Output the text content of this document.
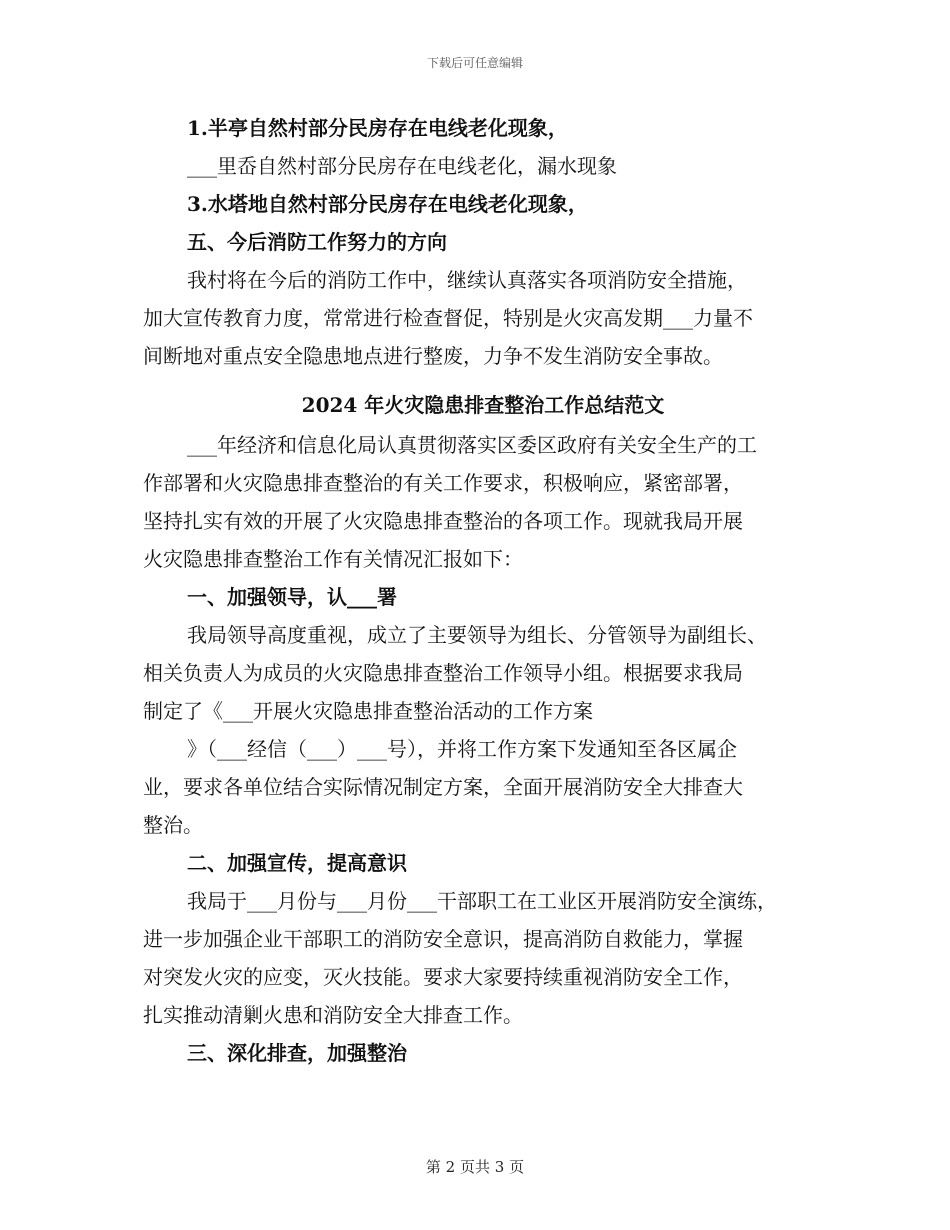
下载后可任意编辑
1.半亭自然村部分民房存在电线老化现象，
___里岙自然村部分民房存在电线老化，漏水现象
3.水塔地自然村部分民房存在电线老化现象，
五、今后消防工作努力的方向
我村将在今后的消防工作中，继续认真落实各项消防安全措施，
加大宣传教育力度，常常进行检查督促，特别是火灾高发期___力量不
间断地对重点安全隐患地点进行整废，力争不发生消防安全事故。
2024 年火灾隐患排查整治工作总结范文
___年经济和信息化局认真贯彻落实区委区政府有关安全生产的工
作部署和火灾隐患排查整治的有关工作要求，积极响应，紧密部署，
坚持扎实有效的开展了火灾隐患排查整治的各项工作。现就我局开展
火灾隐患排查整治工作有关情况汇报如下：
一、加强领导，认___署
我局领导高度重视，成立了主要领导为组长、分管领导为副组长、
相关负责人为成员的火灾隐患排查整治工作领导小组。根据要求我局
制定了《___开展火灾隐患排查整治活动的工作方案
》（___经信（___）___号），并将工作方案下发通知至各区属企
业，要求各单位结合实际情况制定方案，全面开展消防安全大排查大
整治。
二、加强宣传，提高意识
我局于___月份与___月份___干部职工在工业区开展消防安全演练，
进一步加强企业干部职工的消防安全意识，提高消防自救能力，掌握
对突发火灾的应变，灭火技能。要求大家要持续重视消防安全工作，
扎实推动清剿火患和消防安全大排查工作。
三、深化排查，加强整治
第 2 页共 3 页
